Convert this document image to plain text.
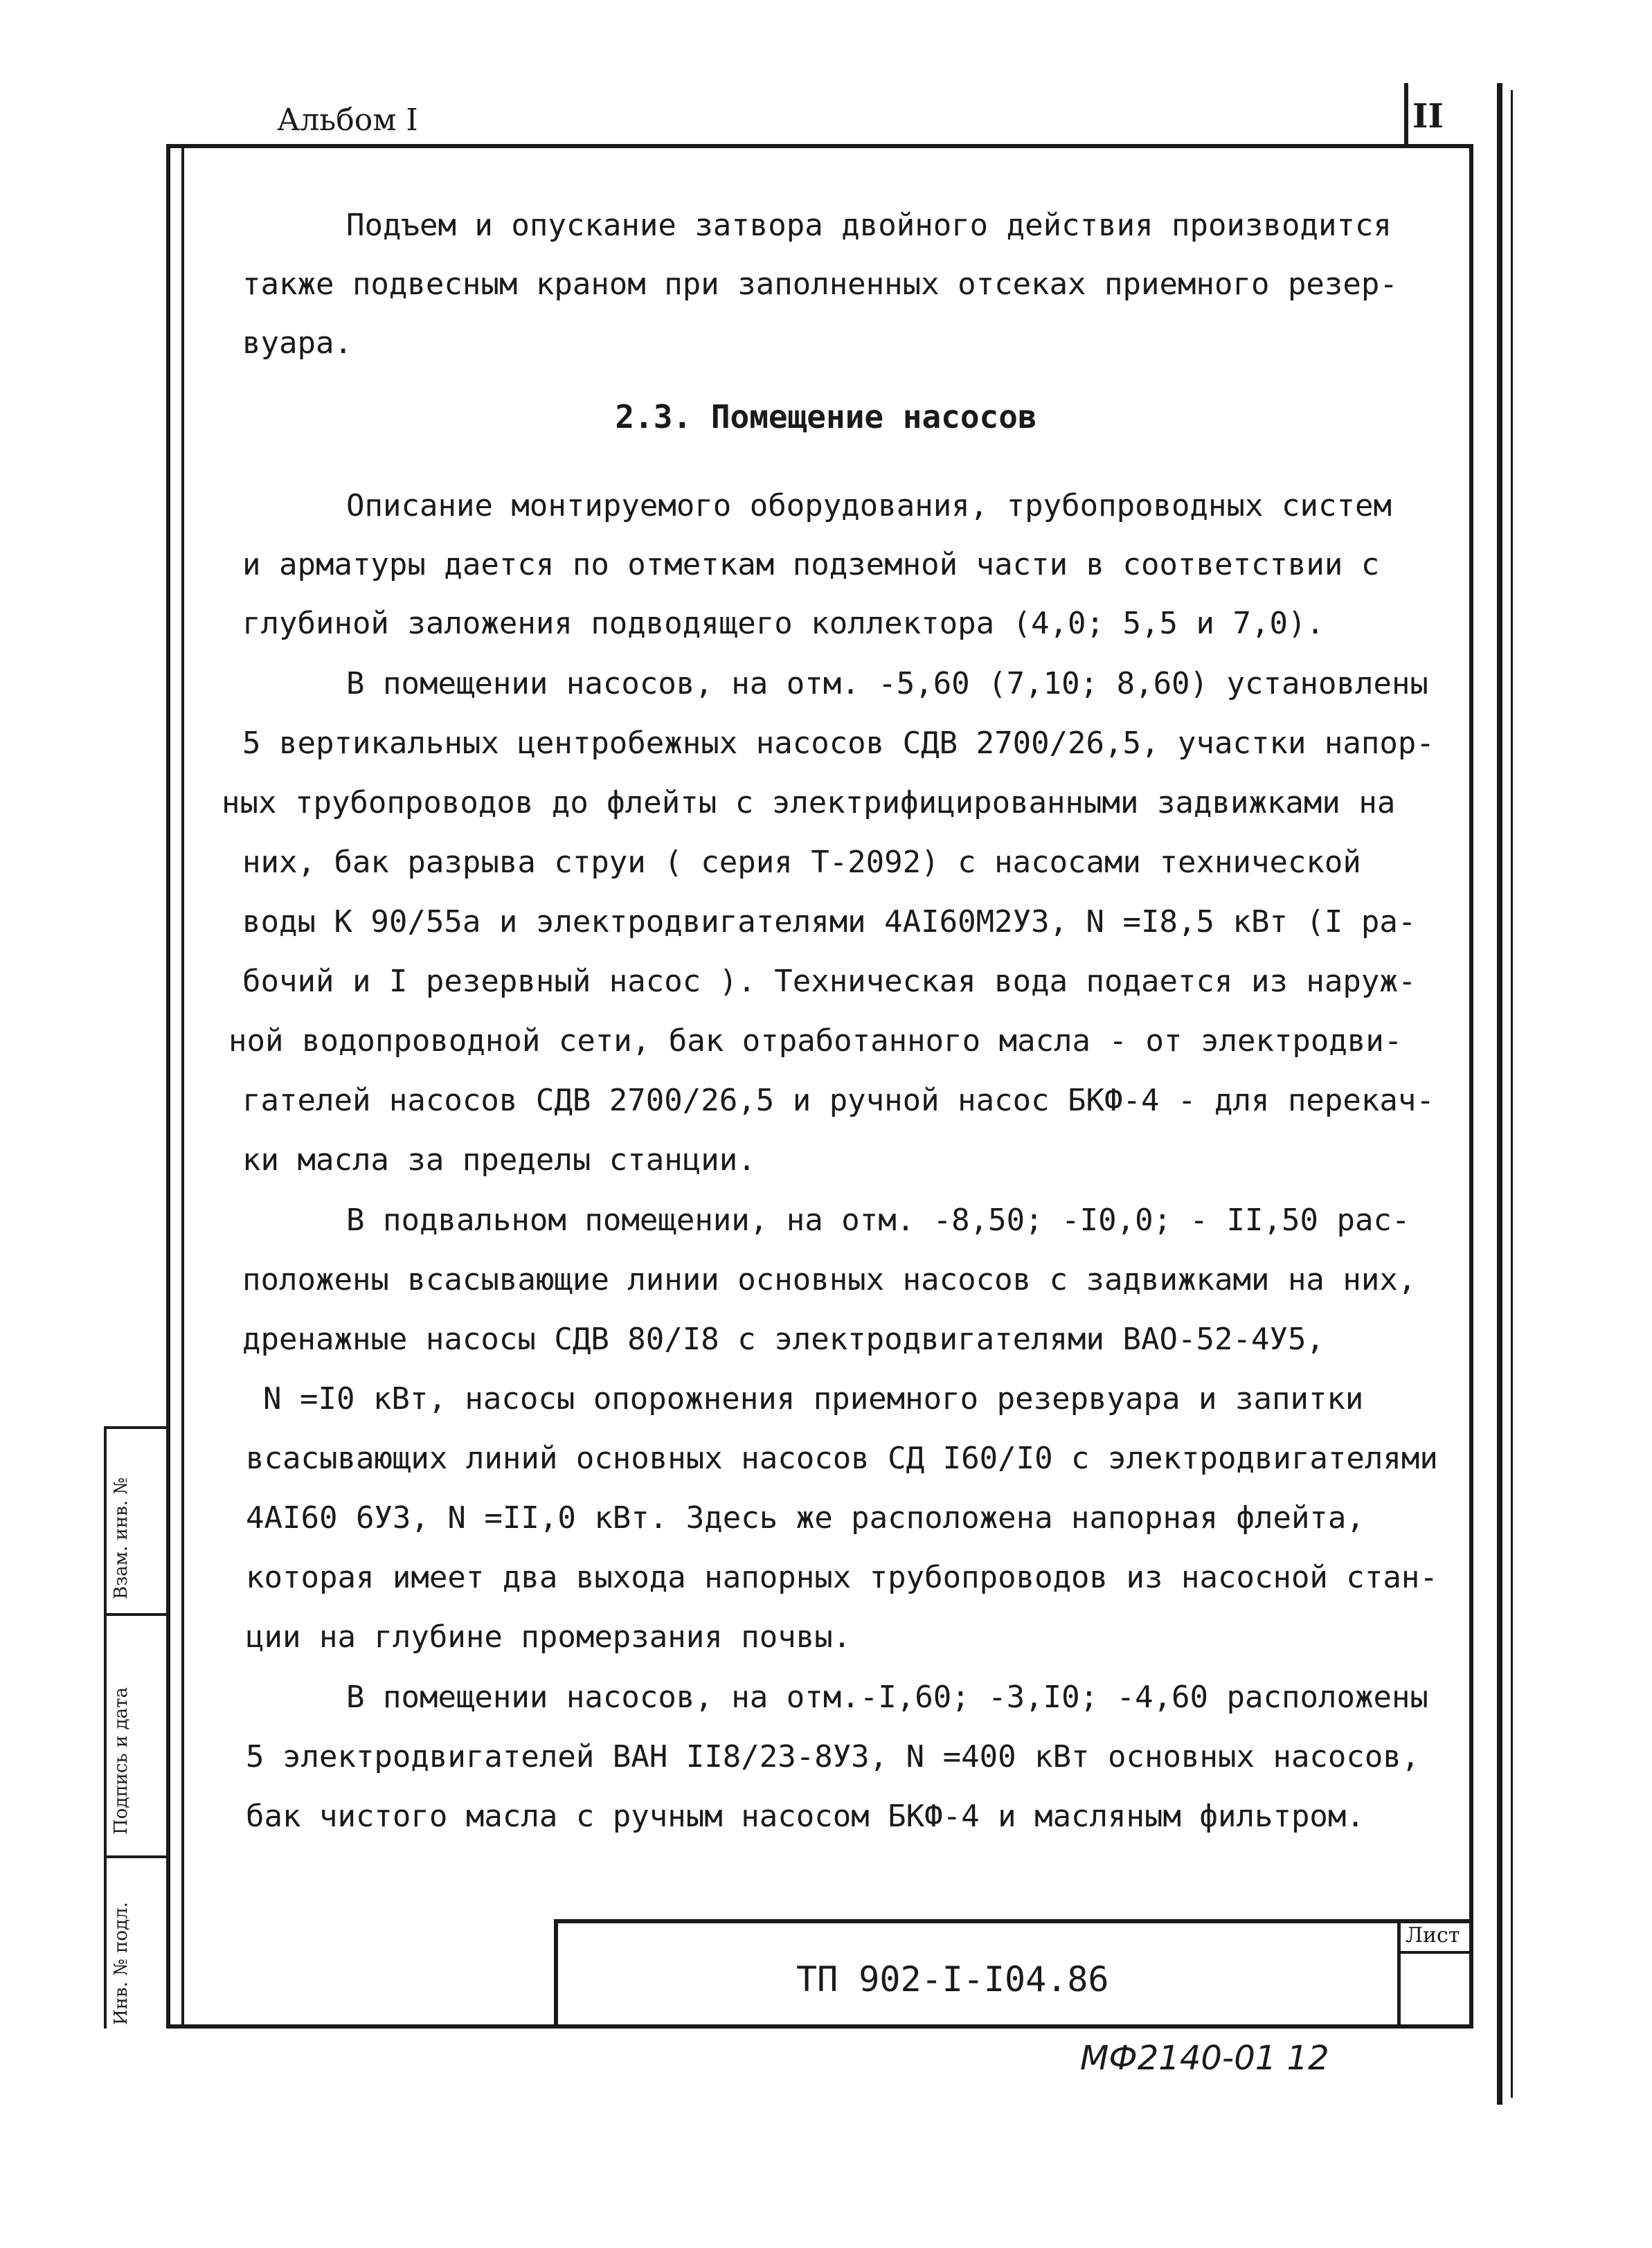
Альбом I	II
Подъем и опускание затвора двойного действия производится
также подвесным краном при заполненных отсеках приемного резер-
вуара.
2.3. Помещение насосов
Описание монтируемого оборудования, трубопроводных систем
и арматуры дается по отметкам подземной части в соответствии с
глубиной заложения подводящего коллектора (4,0; 5,5 и 7,0).
В помещении насосов, на отм. -5,60 (7,10; 8,60) установлены
5 вертикальных центробежных насосов СДВ 2700/26,5, участки напор-
ных трубопроводов до флейты с электрифицированными задвижками на
них, бак разрыва струи ( серия Т-2092) с насосами технической
воды К 90/55а и электродвигателями 4АI60М2У3, N =I8,5 кВт (I ра-
бочий и I резервный насос ). Техническая вода подается из наруж-
ной водопроводной сети, бак отработанного масла - от электродви-
гателей насосов СДВ 2700/26,5 и ручной насос БКФ-4 - для перекач-
ки масла за пределы станции.
В подвальном помещении, на отм. -8,50; -I0,0; - II,50 рас-
положены всасывающие линии основных насосов с задвижками на них,
дренажные насосы СДВ 80/I8 с электродвигателями ВАО-52-4У5,
N =I0 кВт, насосы опорожнения приемного резервуара и запитки
всасывающих линий основных насосов СД I60/I0 с электродвигателями
4АI60 6У3, N =II,0 кВт. Здесь же расположена напорная флейта,
которая имеет два выхода напорных трубопроводов из насосной стан-
ции на глубине промерзания почвы.
В помещении насосов, на отм.-I,60; -3,I0; -4,60 расположены
5 электродвигателей ВАН II8/23-8У3, N =400 кВт основных насосов,
бак чистого масла с ручным насосом БКФ-4 и масляным фильтром.
Инв. № подл.
Подпись и дата
Взам. инв. №
ТП 902-I-I04.86
Лист
МФ2140-01 12
